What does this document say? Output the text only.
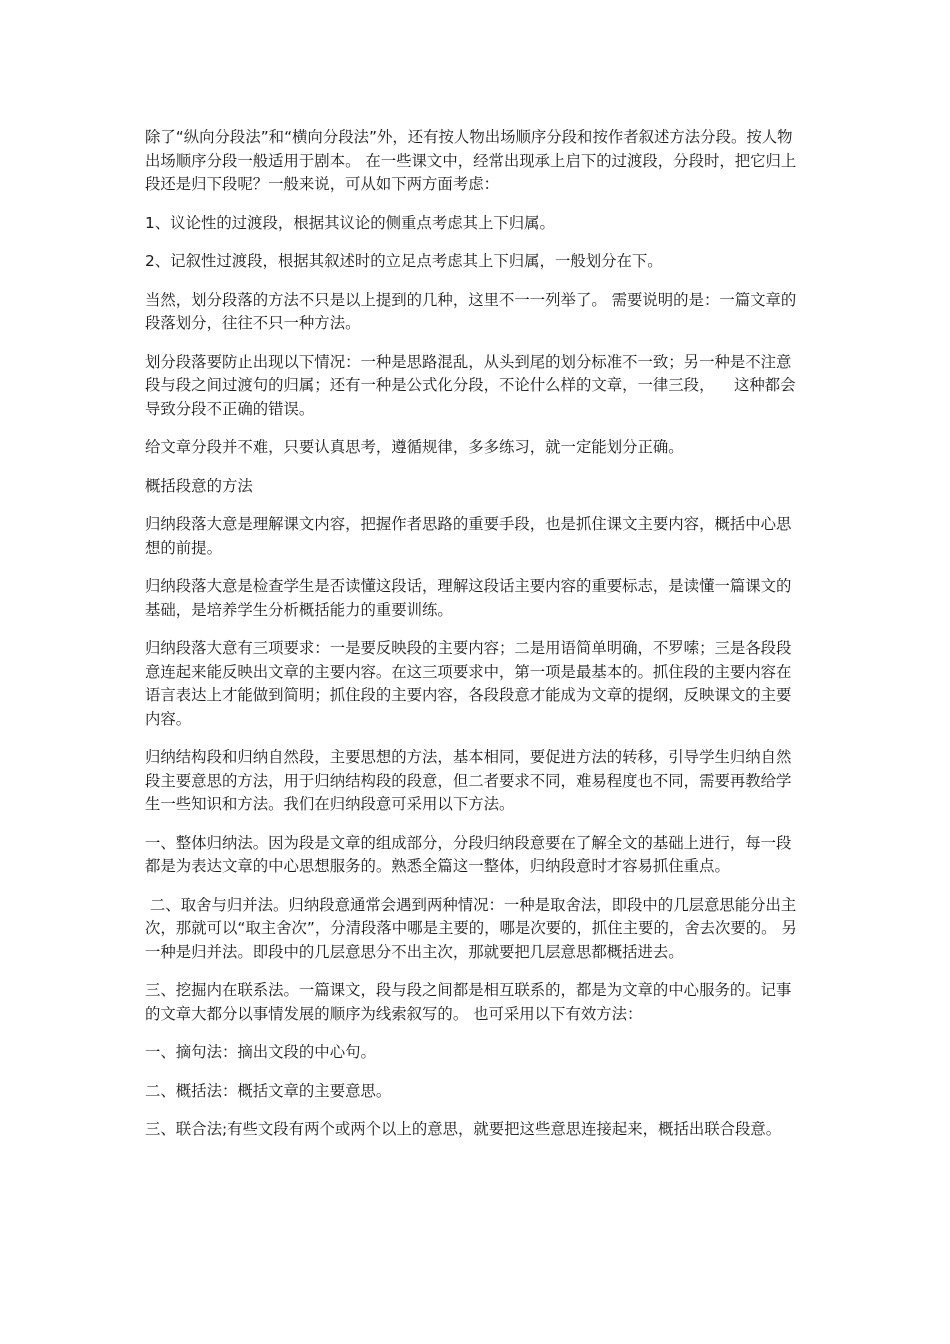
除了“纵向分段法”和“横向分段法”外，还有按人物出场顺序分段和按作者叙述方法分段。按人物出场顺序分段一般适用于剧本。 在一些课文中，经常出现承上启下的过渡段，分段时，把它归上段还是归下段呢？一般来说，可从如下两方面考虑：

1、议论性的过渡段，根据其议论的侧重点考虑其上下归属。

2、记叙性过渡段，根据其叙述时的立足点考虑其上下归属，一般划分在下。

当然，划分段落的方法不只是以上提到的几种，这里不一一列举了。 需要说明的是：一篇文章的段落划分，往往不只一种方法。

划分段落要防止出现以下情况：一种是思路混乱，从头到尾的划分标准不一致；另一种是不注意段与段之间过渡句的归属；还有一种是公式化分段，不论什么样的文章，一律三段，    这种都会导致分段不正确的错误。

给文章分段并不难，只要认真思考，遵循规律，多多练习，就一定能划分正确。

概括段意的方法

归纳段落大意是理解课文内容，把握作者思路的重要手段，也是抓住课文主要内容，概括中心思想的前提。

归纳段落大意是检查学生是否读懂这段话，理解这段话主要内容的重要标志，是读懂一篇课文的基础，是培养学生分析概括能力的重要训练。

归纳段落大意有三项要求：一是要反映段的主要内容；二是用语简单明确，不罗嗦；三是各段段意连起来能反映出文章的主要内容。在这三项要求中，第一项是最基本的。抓住段的主要内容在语言表达上才能做到简明；抓住段的主要内容，各段段意才能成为文章的提纲，反映课文的主要内容。

归纳结构段和归纳自然段，主要思想的方法，基本相同，要促进方法的转移，引导学生归纳自然段主要意思的方法，用于归纳结构段的段意，但二者要求不同，难易程度也不同，需要再教给学生一些知识和方法。我们在归纳段意可采用以下方法。

一、整体归纳法。因为段是文章的组成部分，分段归纳段意要在了解全文的基础上进行，每一段都是为表达文章的中心思想服务的。熟悉全篇这一整体，归纳段意时才容易抓住重点。

二、取舍与归并法。归纳段意通常会遇到两种情况：一种是取舍法，即段中的几层意思能分出主次，那就可以“取主舍次”，分清段落中哪是主要的，哪是次要的，抓住主要的，舍去次要的。 另一种是归并法。即段中的几层意思分不出主次，那就要把几层意思都概括进去。

三、挖掘内在联系法。一篇课文，段与段之间都是相互联系的，都是为文章的中心服务的。记事的文章大都分以事情发展的顺序为线索叙写的。 也可采用以下有效方法：

一、摘句法：摘出文段的中心句。

二、概括法：概括文章的主要意思。

三、联合法;有些文段有两个或两个以上的意思，就要把这些意思连接起来，概括出联合段意。
